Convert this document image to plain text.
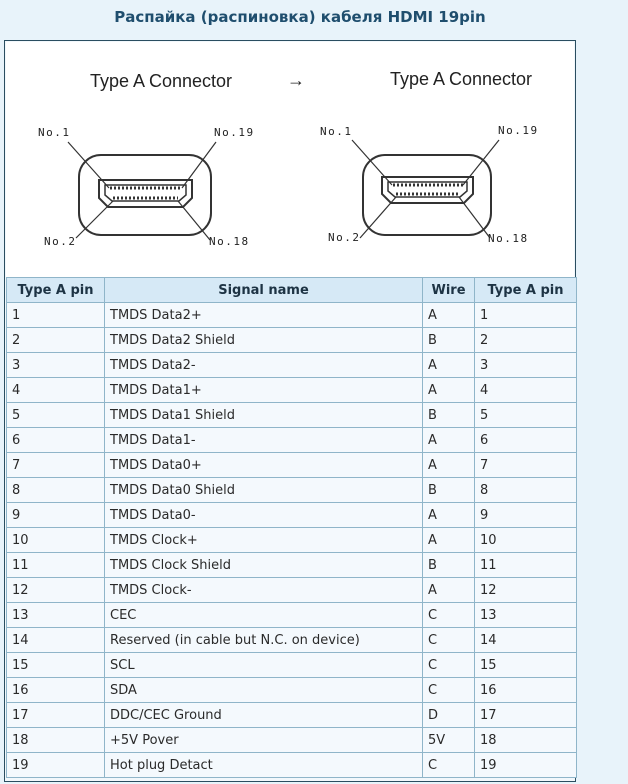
Распайка (распиновка) кабеля HDMI 19pin
Type A Connector	→	Type A Connector
No.1	No.19
No.2	No.18
No.1	No.19
No.2	No.18
Type A pin	Signal name	Wire	Type A pin
1	TMDS Data2+	A	1
2	TMDS Data2 Shield	B	2
3	TMDS Data2-	A	3
4	TMDS Data1+	A	4
5	TMDS Data1 Shield	B	5
6	TMDS Data1-	A	6
7	TMDS Data0+	A	7
8	TMDS Data0 Shield	B	8
9	TMDS Data0-	A	9
10	TMDS Clock+	A	10
11	TMDS Clock Shield	B	11
12	TMDS Clock-	A	12
13	CEC	C	13
14	Reserved (in cable but N.C. on device)	C	14
15	SCL	C	15
16	SDA	C	16
17	DDC/CEC Ground	D	17
18	+5V Pover	5V	18
19	Hot plug Detact	C	19
